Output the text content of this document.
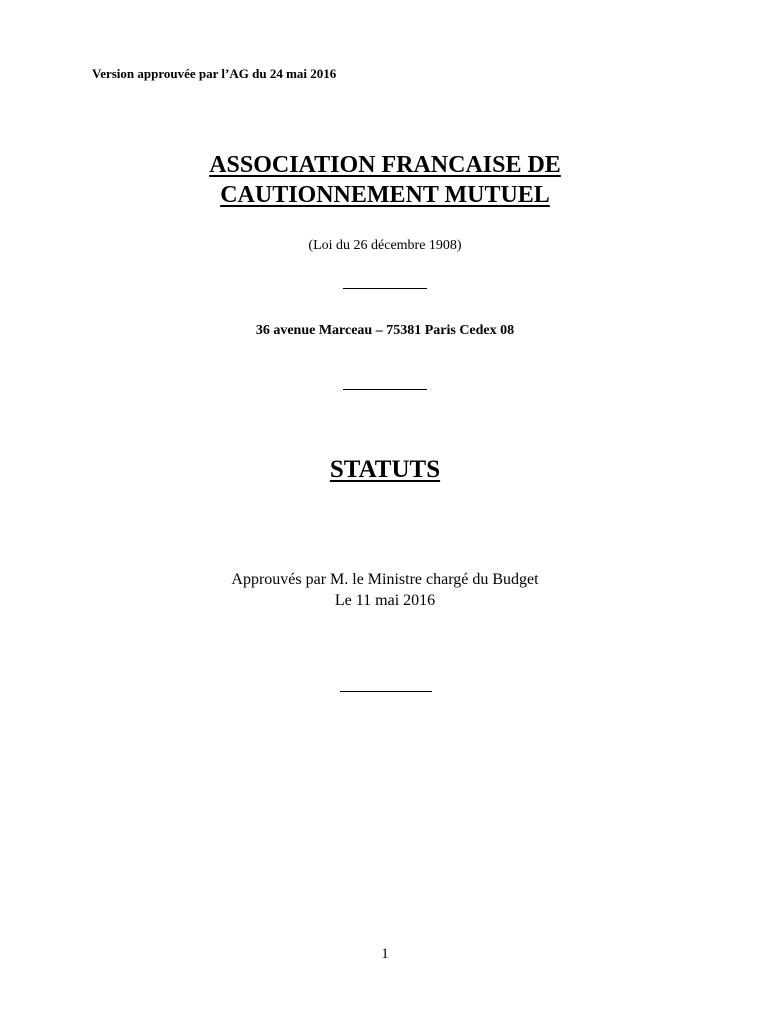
Version approuvée par l’AG du 24 mai 2016
ASSOCIATION FRANCAISE DE
CAUTIONNEMENT MUTUEL
(Loi du 26 décembre 1908)
36 avenue Marceau – 75381 Paris Cedex 08
STATUTS
Approuvés par M. le Ministre chargé du Budget
Le 11 mai 2016
1
